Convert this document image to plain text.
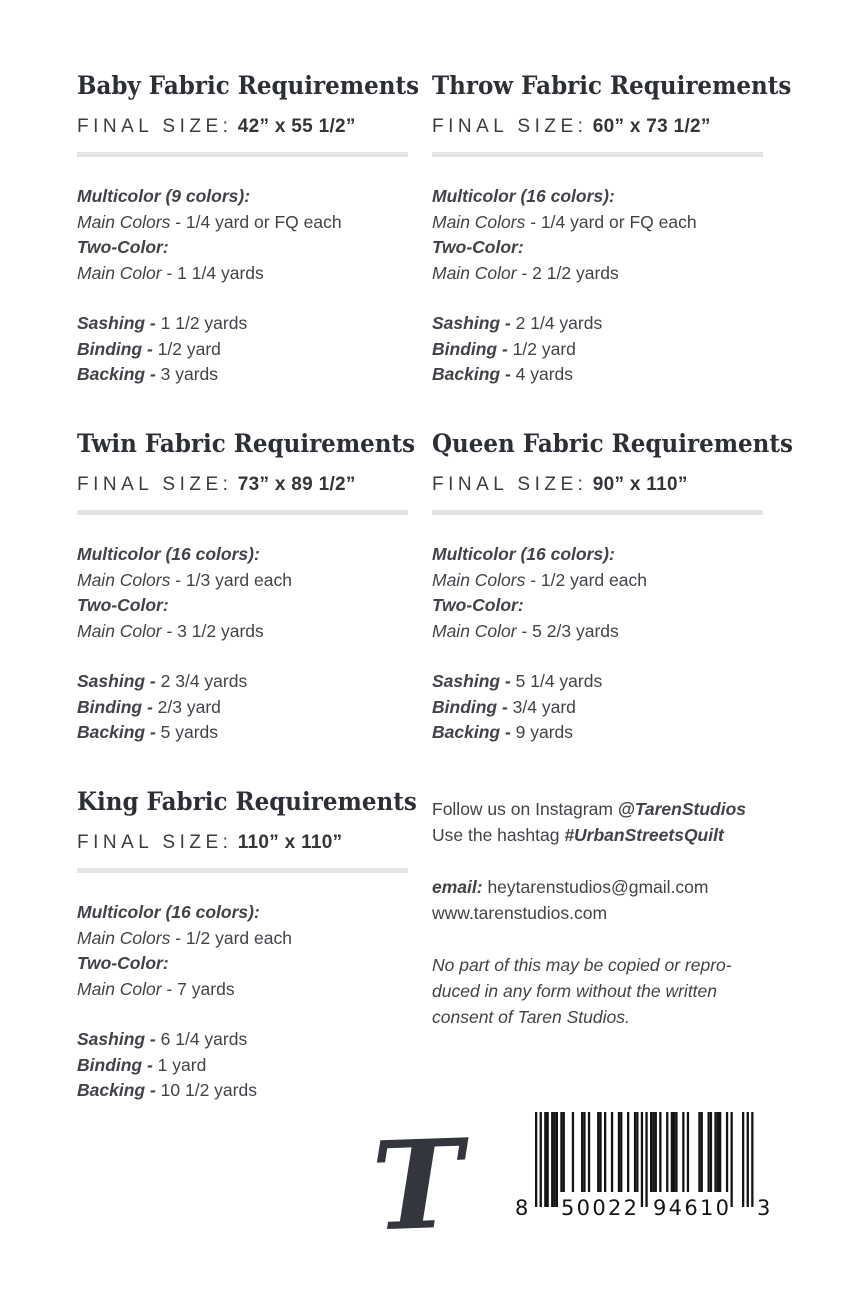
Baby Fabric Requirements

FINAL SIZE: 42” x 55 1/2”

Multicolor (9 colors):

Main Colors - 1/4 yard or FQ each

Two-Color:

Main Color - 1 1/4 yards

Sashing - 1 1/2 yards

Binding - 1/2 yard

Backing - 3 yards

Throw Fabric Requirements

FINAL SIZE: 60” x 73 1/2”

Multicolor (16 colors):

Main Colors - 1/4 yard or FQ each

Two-Color:

Main Color - 2 1/2 yards

Sashing - 2 1/4 yards

Binding - 1/2 yard

Backing - 4 yards

Twin Fabric Requirements

FINAL SIZE: 73” x 89 1/2”

Multicolor (16 colors):

Main Colors - 1/3 yard each

Two-Color:

Main Color - 3 1/2 yards

Sashing - 2 3/4 yards

Binding - 2/3 yard

Backing - 5 yards

Queen Fabric Requirements

FINAL SIZE: 90” x 110”

Multicolor (16 colors):

Main Colors - 1/2 yard each

Two-Color:

Main Color - 5 2/3 yards

Sashing - 5 1/4 yards

Binding - 3/4 yard

Backing - 9 yards

King Fabric Requirements

FINAL SIZE: 110” x 110”

Multicolor (16 colors):

Main Colors - 1/2 yard each

Two-Color:

Main Color - 7 yards

Sashing - 6 1/4 yards

Binding - 1 yard

Backing - 10 1/2 yards

Follow us on Instagram @TarenStudios

Use the hashtag #UrbanStreetsQuilt

email: heytarenstudios@gmail.com

www.tarenstudios.com

No part of this may be copied or repro-

duced in any form without the written

consent of Taren Studios.

T 8 50022 94610 3
